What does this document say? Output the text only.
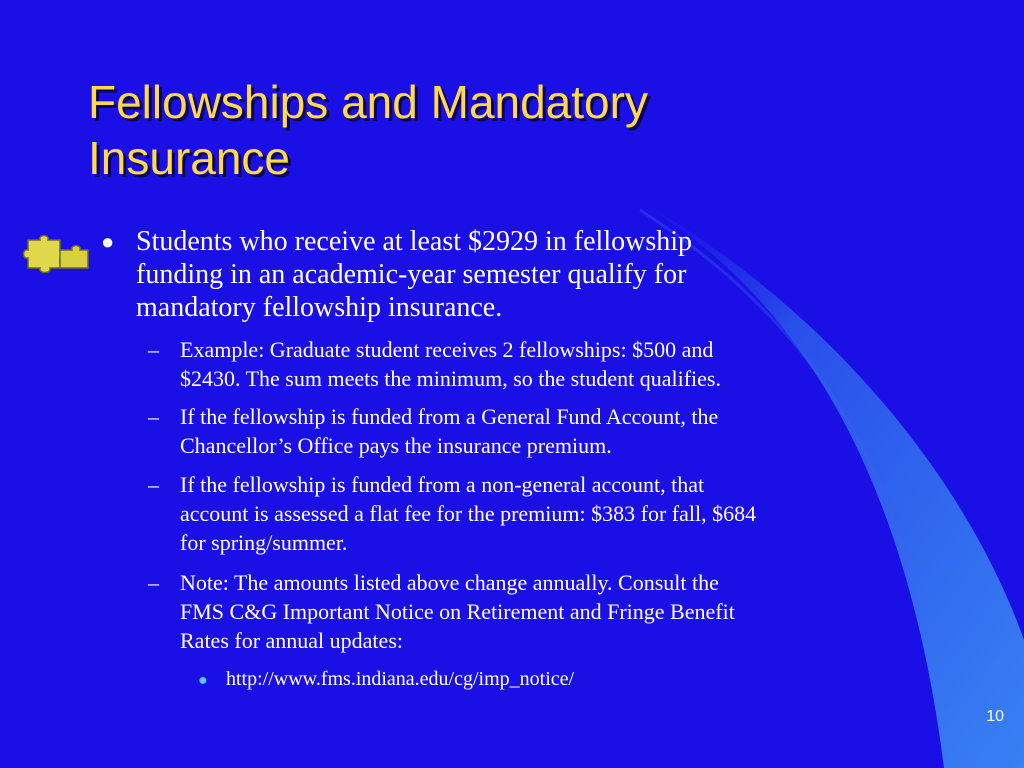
Fellowships and Mandatory
Insurance
● Students who receive at least $2929 in fellowship
funding in an academic-year semester qualify for
mandatory fellowship insurance.
– Example: Graduate student receives 2 fellowships: $500 and
$2430. The sum meets the minimum, so the student qualifies.
– If the fellowship is funded from a General Fund Account, the
Chancellor’s Office pays the insurance premium.
– If the fellowship is funded from a non-general account, that
account is assessed a flat fee for the premium: $383 for fall, $684
for spring/summer.
– Note: The amounts listed above change annually. Consult the
FMS C&G Important Notice on Retirement and Fringe Benefit
Rates for annual updates:
● http://www.fms.indiana.edu/cg/imp_notice/
10
